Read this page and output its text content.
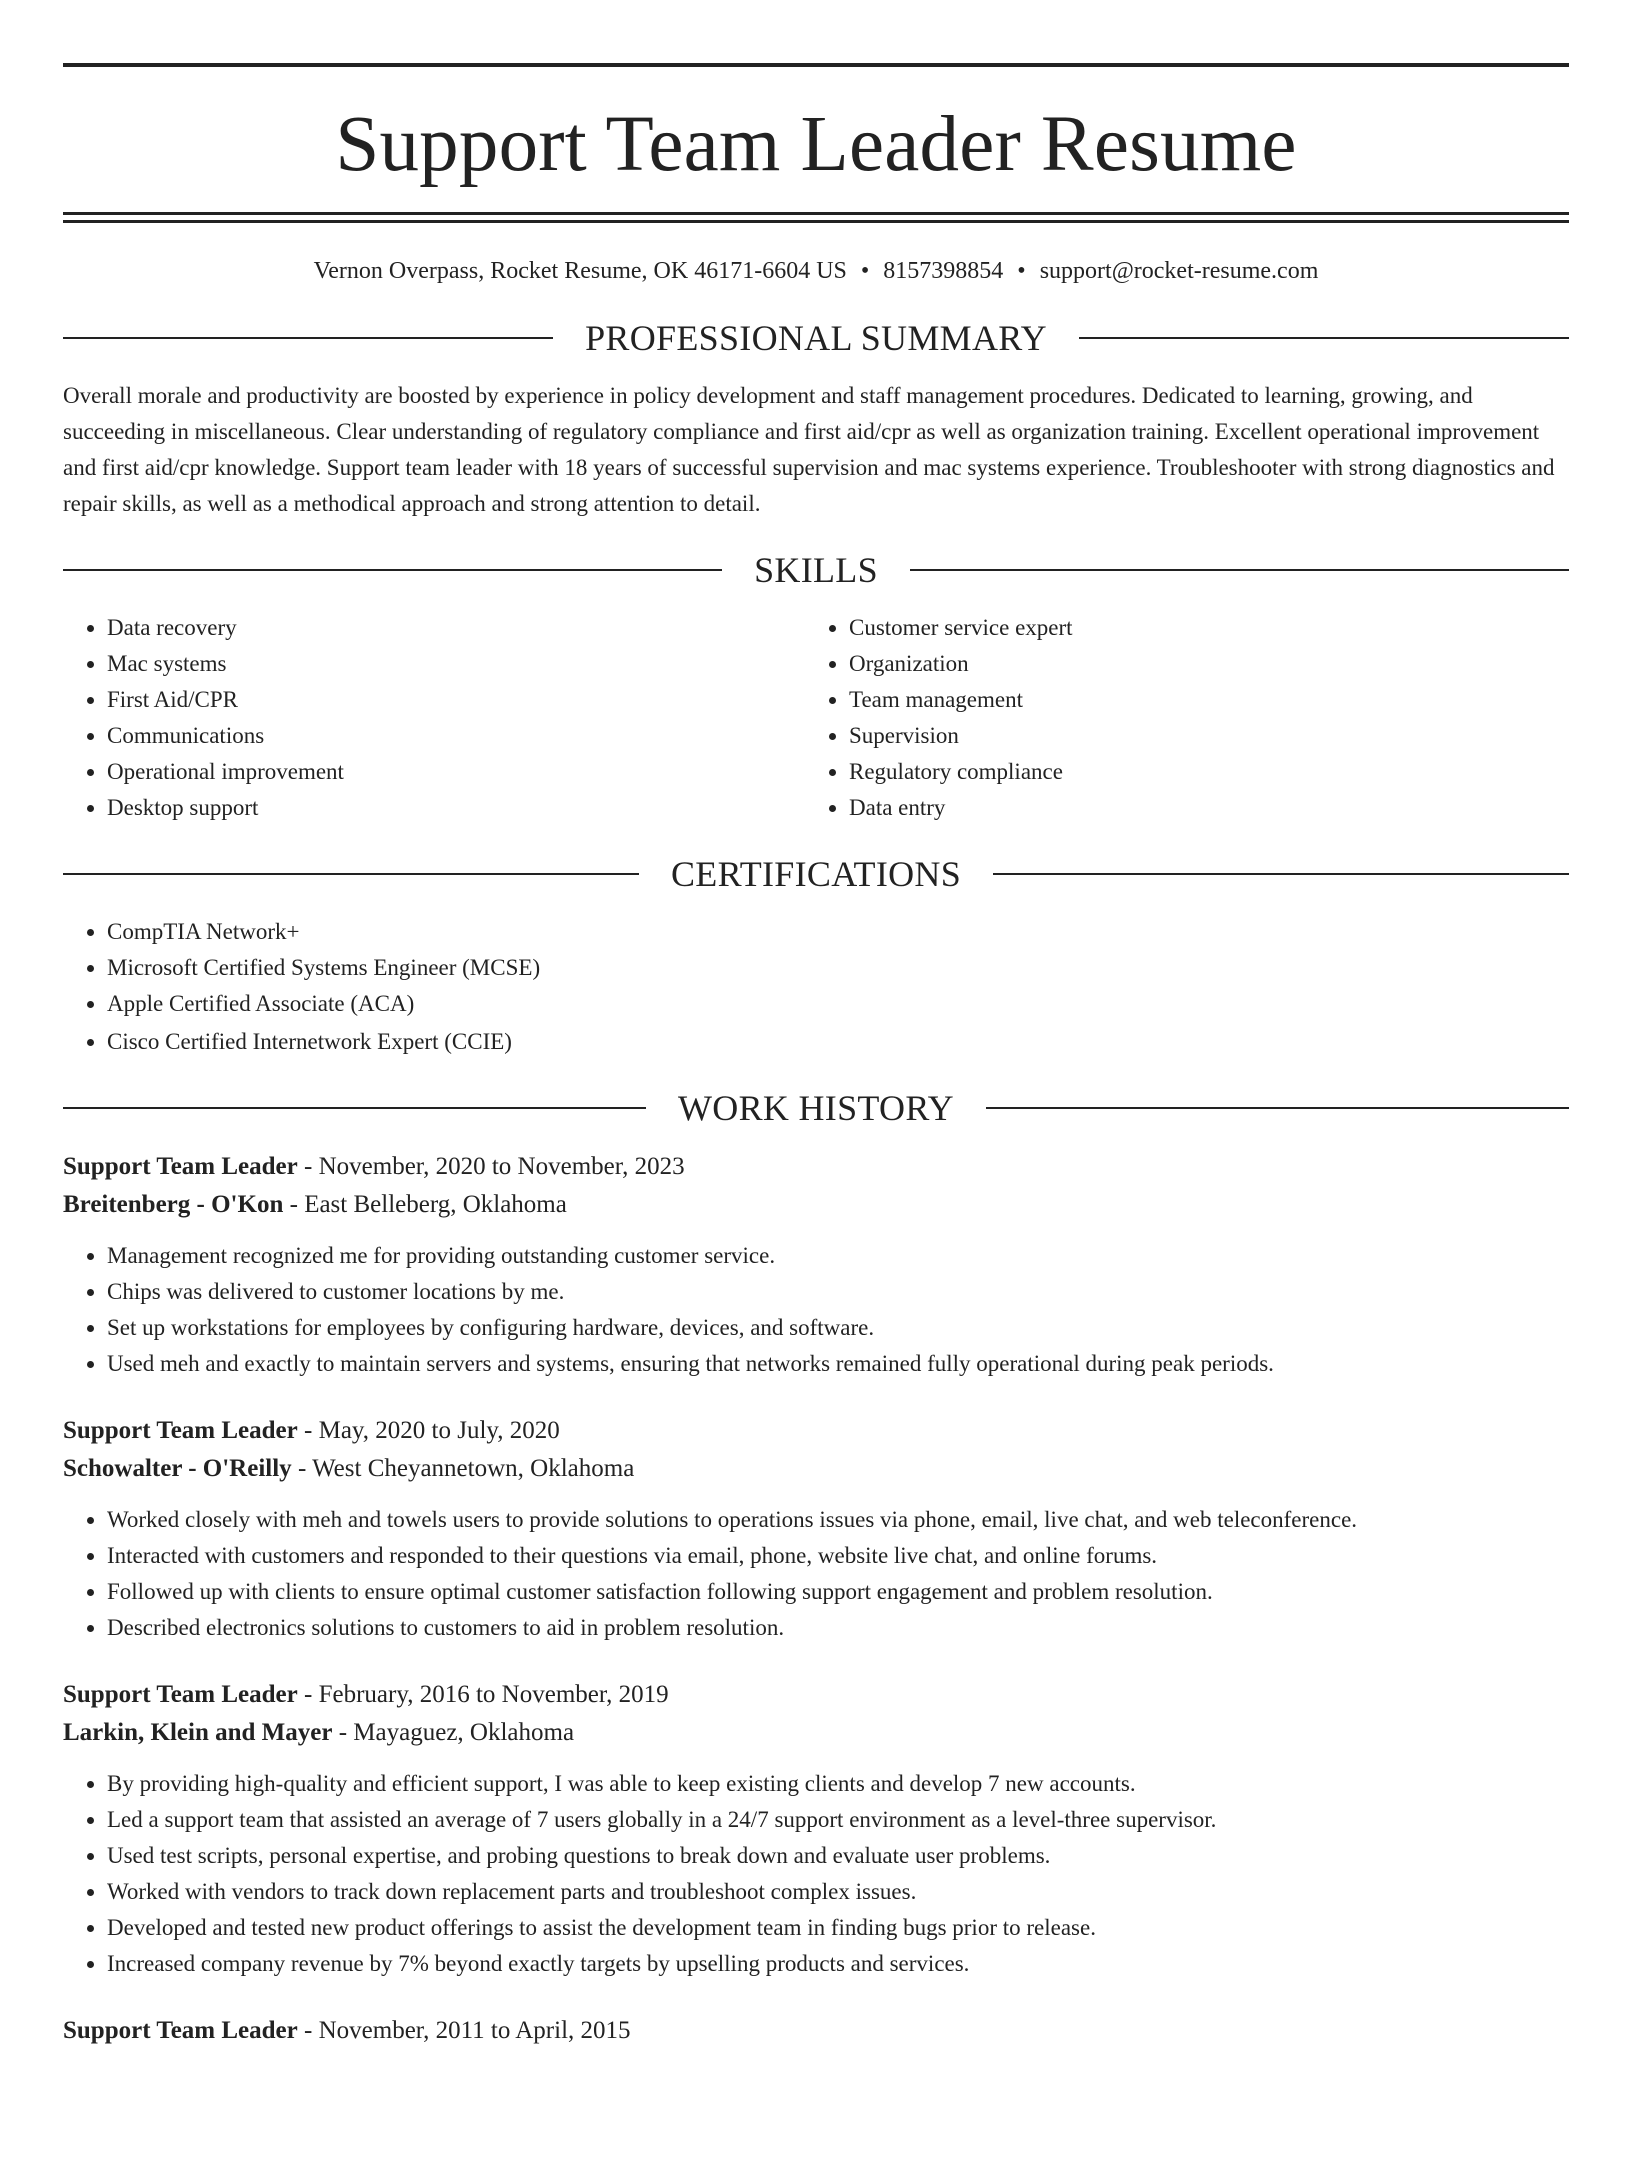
Support Team Leader Resume
Vernon Overpass, Rocket Resume, OK 46171-6604 US • 8157398854 • support@rocket-resume.com
PROFESSIONAL SUMMARY

Overall morale and productivity are boosted by experience in policy development and staff management procedures. Dedicated to learning, growing, and succeeding in miscellaneous. Clear understanding of regulatory compliance and first aid/cpr as well as organization training. Excellent operational improvement and first aid/cpr knowledge. Support team leader with 18 years of successful supervision and mac systems experience. Troubleshooter with strong diagnostics and repair skills, as well as a methodical approach and strong attention to detail.

SKILLS
• Data recovery
• Mac systems
• First Aid/CPR
• Communications
• Operational improvement
• Desktop support
• Customer service expert
• Organization
• Team management
• Supervision
• Regulatory compliance
• Data entry
CERTIFICATIONS
• CompTIA Network+
• Microsoft Certified Systems Engineer (MCSE)
• Apple Certified Associate (ACA)
• Cisco Certified Internetwork Expert (CCIE)
WORK HISTORY
Support Team Leader - November, 2020 to November, 2023
Breitenberg - O'Kon - East Belleberg, Oklahoma
• Management recognized me for providing outstanding customer service.
• Chips was delivered to customer locations by me.
• Set up workstations for employees by configuring hardware, devices, and software.
• Used meh and exactly to maintain servers and systems, ensuring that networks remained fully operational during peak periods.
Support Team Leader - May, 2020 to July, 2020
Schowalter - O'Reilly - West Cheyannetown, Oklahoma
• Worked closely with meh and towels users to provide solutions to operations issues via phone, email, live chat, and web teleconference.
• Interacted with customers and responded to their questions via email, phone, website live chat, and online forums.
• Followed up with clients to ensure optimal customer satisfaction following support engagement and problem resolution.
• Described electronics solutions to customers to aid in problem resolution.
Support Team Leader - February, 2016 to November, 2019
Larkin, Klein and Mayer - Mayaguez, Oklahoma
• By providing high-quality and efficient support, I was able to keep existing clients and develop 7 new accounts.
• Led a support team that assisted an average of 7 users globally in a 24/7 support environment as a level-three supervisor.
• Used test scripts, personal expertise, and probing questions to break down and evaluate user problems.
• Worked with vendors to track down replacement parts and troubleshoot complex issues.
• Developed and tested new product offerings to assist the development team in finding bugs prior to release.
• Increased company revenue by 7% beyond exactly targets by upselling products and services.
Support Team Leader - November, 2011 to April, 2015
